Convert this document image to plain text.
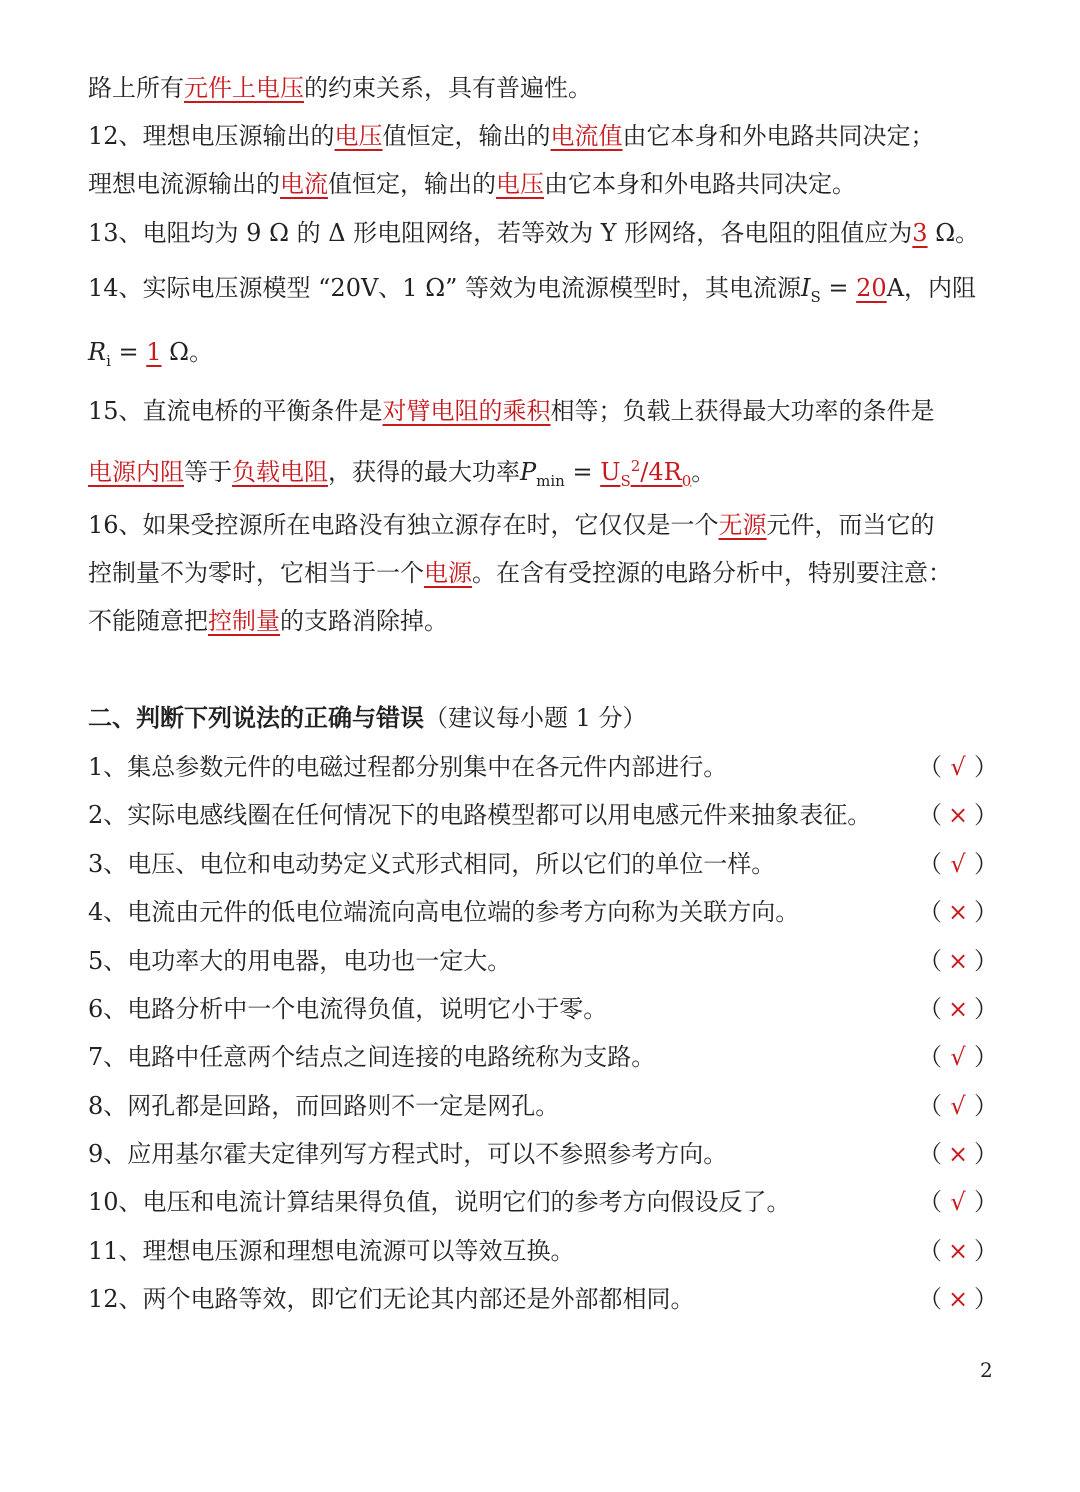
路上所有元件上电压的约束关系，具有普遍性。
12、理想电压源输出的电压值恒定，输出的电流值由它本身和外电路共同决定；
理想电流源输出的电流值恒定，输出的电压由它本身和外电路共同决定。
13、电阻均为 9 Ω 的 Δ 形电阻网络，若等效为 Y 形网络，各电阻的阻值应为3 Ω。
14、实际电压源模型 “20V、1 Ω” 等效为电流源模型时，其电流源$I_S = 20A$，内阻
$R_i = 1$ Ω。
15、直流电桥的平衡条件是对臂电阻的乘积相等；负载上获得最大功率的条件是
电源内阻等于负载电阻，获得的最大功率$P_{min} = U_S^2/4R_0$。
16、如果受控源所在电路没有独立源存在时，它仅仅是一个无源元件，而当它的
控制量不为零时，它相当于一个电源。在含有受控源的电路分析中，特别要注意：
不能随意把控制量的支路消除掉。
二、判断下列说法的正确与错误（建议每小题 1 分）
1、集总参数元件的电磁过程都分别集中在各元件内部进行。	（ √ ）
2、实际电感线圈在任何情况下的电路模型都可以用电感元件来抽象表征。 （ × ）
3、电压、电位和电动势定义式形式相同，所以它们的单位一样。	（ √ ）
4、电流由元件的低电位端流向高电位端的参考方向称为关联方向。	（ × ）
5、电功率大的用电器，电功也一定大。	（ × ）
6、电路分析中一个电流得负值，说明它小于零。	（ × ）
7、电路中任意两个结点之间连接的电路统称为支路。	（ √ ）
8、网孔都是回路，而回路则不一定是网孔。	（ √ ）
9、应用基尔霍夫定律列写方程式时，可以不参照参考方向。	（ × ）
10、电压和电流计算结果得负值，说明它们的参考方向假设反了。	（ √ ）
11、理想电压源和理想电流源可以等效互换。	（ × ）
12、两个电路等效，即它们无论其内部还是外部都相同。	（ × ）
2
